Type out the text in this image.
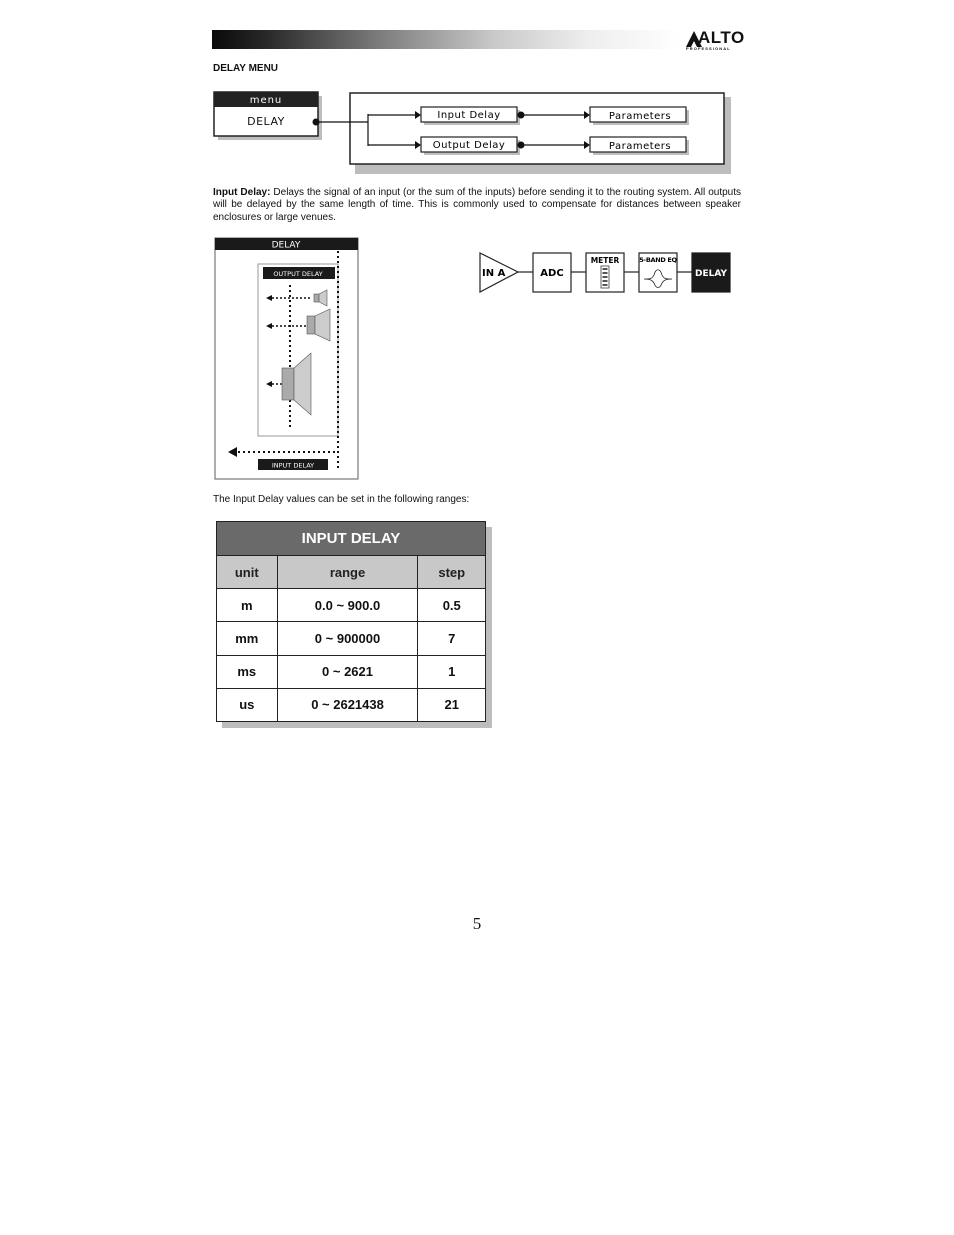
ALTO
PROFESSIONAL
DELAY MENU
menu
DELAY	Input Delay
Output Delay
Parameters
Parameters
Input Delay: Delays the signal of an input (or the sum of the inputs) before sending it to the routing system. All outputs will be delayed by the same length of time. This is commonly used to compensate for distances between speaker enclosures or large venues.
DELAY
OUTPUT DELAY
INPUT DELAY
IN A	ADC
METER	5-BAND EQ
DELAY
The Input Delay values can be set in the following ranges:
INPUT DELAY		
unit	range	step
m	0.0 ~ 900.0	0.5
mm	0 ~ 900000	7
ms	0 ~ 2621	1
us	0 ~ 2621438	21
5
